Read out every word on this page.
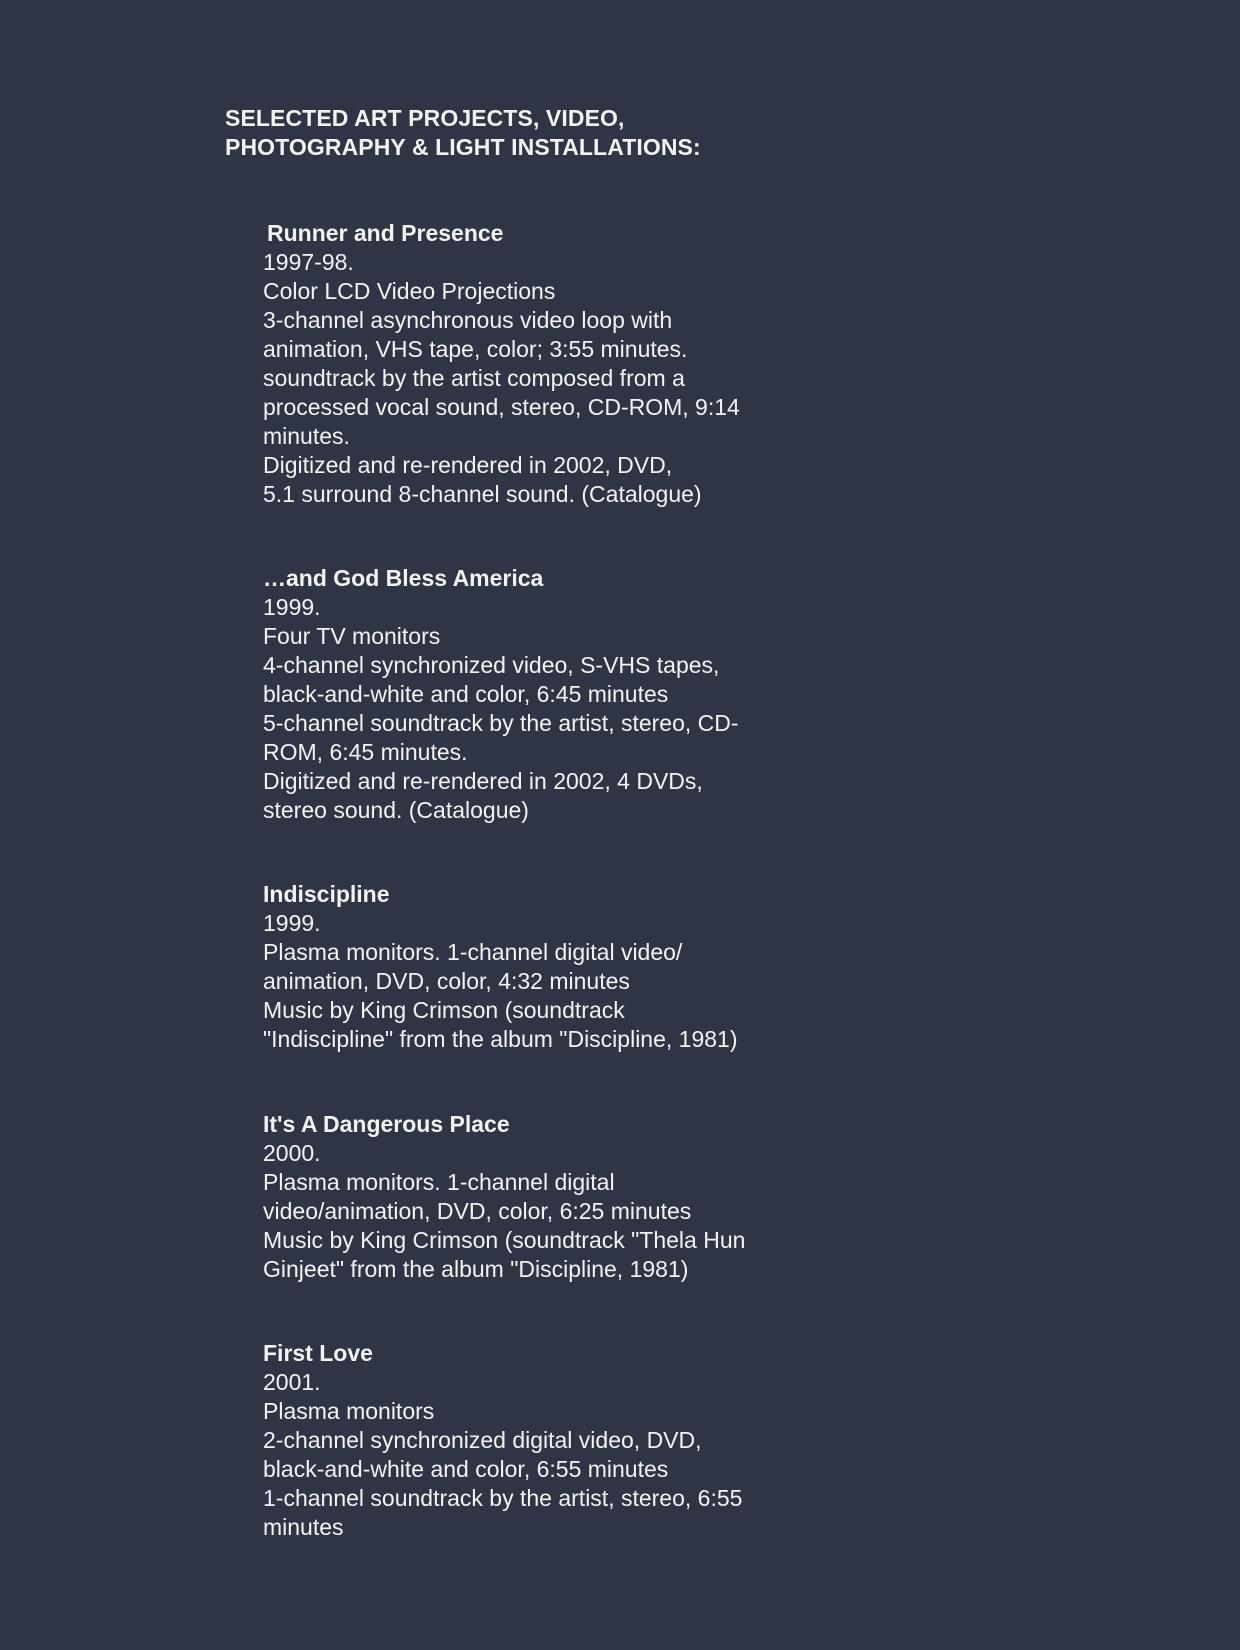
SELECTED ART PROJECTS, VIDEO,
PHOTOGRAPHY & LIGHT INSTALLATIONS:
Runner and Presence
1997-98.
Color LCD Video Projections
3-channel asynchronous video loop with
animation, VHS tape, color; 3:55 minutes.
soundtrack by the artist composed from a
processed vocal sound, stereo, CD-ROM, 9:14
minutes.
Digitized and re-rendered in 2002, DVD,
5.1 surround 8-channel sound. (Catalogue)
…and God Bless America
1999.
Four TV monitors
4-channel synchronized video, S-VHS tapes,
black-and-white and color, 6:45 minutes
5-channel soundtrack by the artist, stereo, CD-
ROM, 6:45 minutes.
Digitized and re-rendered in 2002, 4 DVDs,
stereo sound. (Catalogue)
Indiscipline
1999.
Plasma monitors. 1-channel digital video/
animation, DVD, color, 4:32 minutes
Music by King Crimson (soundtrack
"Indiscipline" from the album "Discipline, 1981)
It's A Dangerous Place
2000.
Plasma monitors. 1-channel digital
video/animation, DVD, color, 6:25 minutes
Music by King Crimson (soundtrack "Thela Hun
Ginjeet" from the album "Discipline, 1981)
First Love
2001.
Plasma monitors
2-channel synchronized digital video, DVD,
black-and-white and color, 6:55 minutes
1-channel soundtrack by the artist, stereo, 6:55
minutes
